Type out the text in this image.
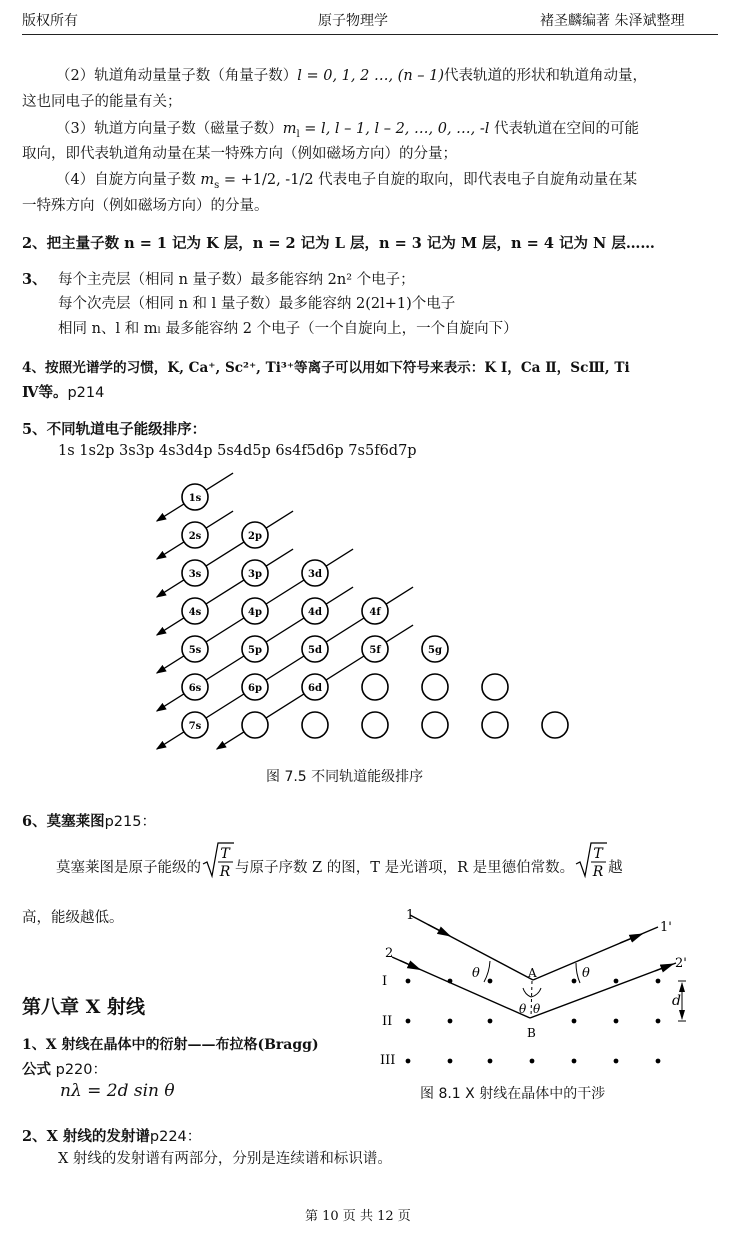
版权所有	原子物理学	褚圣麟编著 朱泽斌整理
（2）轨道角动量量子数（角量子数）l = 0, 1, 2 …, (n – 1)代表轨道的形状和轨道角动量，
这也同电子的能量有关；
（3）轨道方向量子数（磁量子数）$m_l = l$, l – 1, l – 2, …, 0, …, -l 代表轨道在空间的可能
取向，即代表轨道角动量在某一特殊方向（例如磁场方向）的分量；
（4）自旋方向量子数 $m_s = +1/2$, -1/2 代表电子自旋的取向，即代表电子自旋角动量在某
一特殊方向（例如磁场方向）的分量。
2、把主量子数 n = 1 记为 K 层，n = 2 记为 L 层，n = 3 记为 M 层，n = 4 记为 N 层……
3、 每个主壳层（相同 n 量子数）最多能容纳 2n² 个电子；
每个次壳层（相同 n 和 l 量子数）最多能容纳 2(2l+1)个电子
相同 n、l 和 mₗ 最多能容纳 2 个电子（一个自旋向上，一个自旋向下）
4、按照光谱学的习惯，K, Ca⁺, Sc²⁺, Ti³⁺等离子可以用如下符号来表示：K Ⅰ，Ca Ⅱ，ScⅢ, Ti
Ⅳ等。p214
5、不同轨道电子能级排序：
1s 1s2p 3s3p 4s3d4p 5s4d5p 6s4f5d6p 7s5f6d7p
1s
2s	2p
3s	3p	3d
4s	4p	4d	4f
5s	5p	5d	5f	5g
6s	6p	6d
7s
图 7.5 不同轨道能级排序
6、莫塞莱图p215：
莫塞莱图是原子能级的
T
R 与原子序数 Z 的图，T 是光谱项，R 是里德伯常数。
T
R 越
高，能级越低。
第八章 X 射线
1、X 射线在晶体中的衍射——布拉格(Bragg)
公式 p220：
nλ = 2d sin θ
1
1'
2
2'
A
B
θ	θ
θ θ	d
I
II
III
图 8.1 X 射线在晶体中的干涉
2、X 射线的发射谱p224：
X 射线的发射谱有两部分，分别是连续谱和标识谱。
第 10 页 共 12 页
